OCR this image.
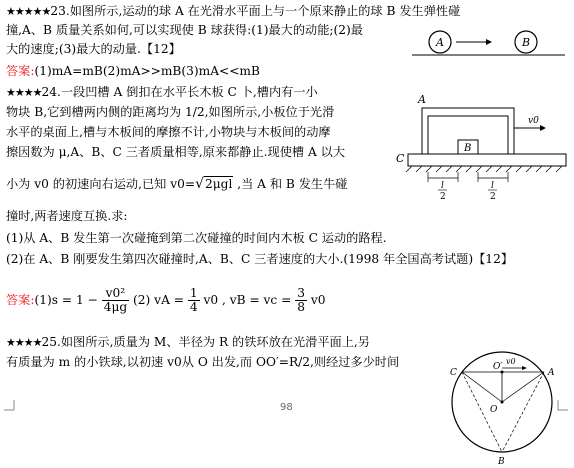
★★★★★23.如图所示,运动的球 A 在光滑水平面上与一个原来静止的球 B 发生弹性碰
撞,A、B 质量关系如何,可以实现使 B 球获得:(1)最大的动能;(2)最
大的速度;(3)最大的动量.【12】
答案:(1)mA=mB(2)mA>>mB(3)mA<<mB
A	B
★★★★24.一段凹槽 A 倒扣在水平长木板 C 卜,槽内有一小
物块 B,它到槽两内侧的距离均为 1/2,如图所示,小板位于光滑
水平的桌面上,槽与木板间的摩擦不计,小物块与木板间的动摩
擦因数为 μ,A、B、C 三者质量相等,原来都静止.现使槽 A 以大
小为 v0 的初速向右运动,已知 v0=√2μgl ,当 A 和 B 发生牛碰
撞时,两者速度互换.求:
(1)从 A、B 发生第一次碰掩到第二次碰撞的时间内木板 C 运动的路程.
(2)在 A、B 刚要发生第四次碰撞时,A、B、C 三者速度的大小.(1998 年全国高考试题)【12】
答案:(1)s = $1 - \frac{\text{v0²}}{4\mu g} (2)$ vA = $\frac{1}{4} v0$ , vB = vc = $\frac{3}{8} v0$
C
A
B
v0
l
2
l
2
★★★★25.如图所示,质量为 M、半径为 R 的铁环放在光滑平面上,另
有质量为 m 的小铁球,以初速 v0从 O 出发,而 OO′=R/2,则经过多少时间	v0
O′
O
C	A
B
98
